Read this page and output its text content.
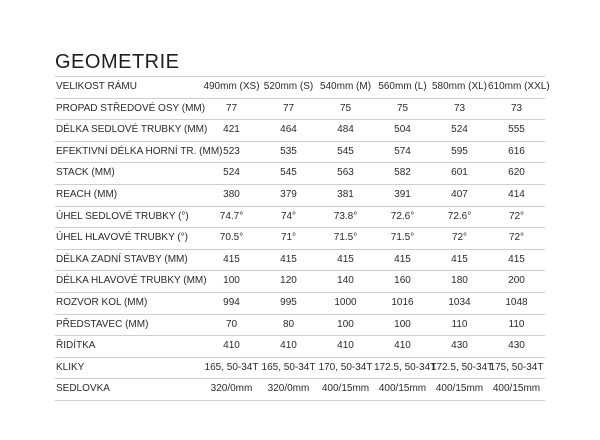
GEOMETRIE
VELIKOST RÁMU	490mm (XS)	520mm (S)	540mm (M)	560mm (L)	580mm (XL)	610mm (XXL)
PROPAD STŘEDOVÉ OSY (MM)	77	77	75	75	73	73
DÉLKA SEDLOVÉ TRUBKY (MM)	421	464	484	504	524	555
EFEKTIVNÍ DÉLKA HORNÍ TR. (MM)	523	535	545	574	595	616
STACK (MM)	524	545	563	582	601	620
REACH (MM)	380	379	381	391	407	414
ÚHEL SEDLOVÉ TRUBKY (°)	74.7°	74°	73.8°	72.6°	72.6°	72°
ÚHEL HLAVOVÉ TRUBKY (°)	70.5°	71°	71.5°	71.5°	72°	72°
DÉLKA ZADNÍ STAVBY (MM)	415	415	415	415	415	415
DÉLKA HLAVOVÉ TRUBKY (MM)	100	120	140	160	180	200
ROZVOR KOL (MM)	994	995	1000	1016	1034	1048
PŘEDSTAVEC (MM)	70	80	100	100	110	110
ŘIDÍTKA	410	410	410	410	430	430
KLIKY	165, 50-34T	165, 50-34T	170, 50-34T	172.5, 50-34T	172.5, 50-34T	175, 50-34T
SEDLOVKA	320/0mm	320/0mm	400/15mm	400/15mm	400/15mm	400/15mm
